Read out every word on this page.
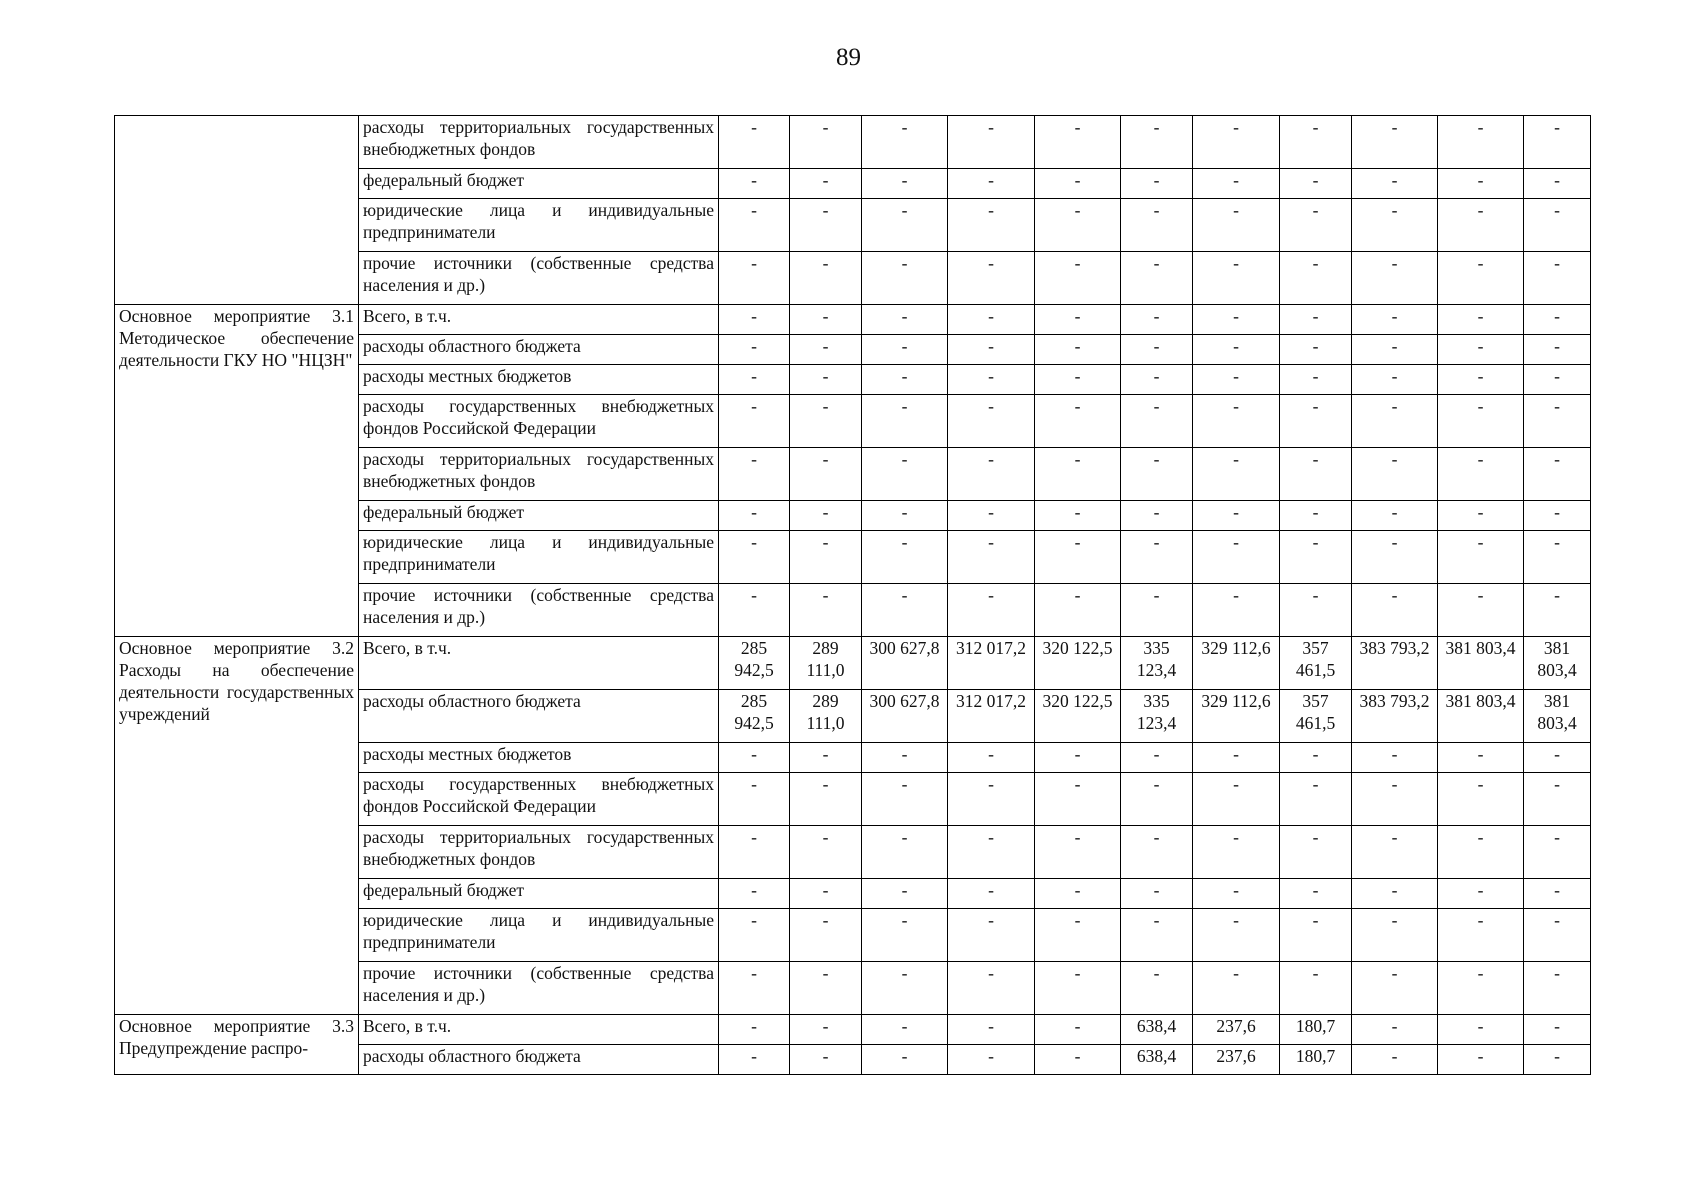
89
	расходы территориальных государственных внебюджетных фондов	-	-	-	-	-	-	-	-	-	-	-
	федеральный бюджет	-	-	-	-	-	-	-	-	-	-	-
	юридические лица и индивидуальные предприниматели	-	-	-	-	-	-	-	-	-	-	-
	прочие источники (собственные средства населения и др.)	-	-	-	-	-	-	-	-	-	-	-
Основное мероприятие 3.1 Методическое обеспечение деятельности ГКУ НО "НЦЗН"	Всего, в т.ч.	-	-	-	-	-	-	-	-	-	-	-
	расходы областного бюджета	-	-	-	-	-	-	-	-	-	-	-
	расходы местных бюджетов	-	-	-	-	-	-	-	-	-	-	-
	расходы государственных внебюджетных фондов Российской Федерации	-	-	-	-	-	-	-	-	-	-	-
	расходы территориальных государственных внебюджетных фондов	-	-	-	-	-	-	-	-	-	-	-
	федеральный бюджет	-	-	-	-	-	-	-	-	-	-	-
	юридические лица и индивидуальные предприниматели	-	-	-	-	-	-	-	-	-	-	-
	прочие источники (собственные средства населения и др.)	-	-	-	-	-	-	-	-	-	-	-
Основное мероприятие 3.2 Расходы на обеспечение деятельности государственных учреждений	Всего, в т.ч.	285 942,5	289 111,0	300 627,8	312 017,2	320 122,5	335 123,4	329 112,6	357 461,5	383 793,2	381 803,4	381 803,4
	расходы областного бюджета	285 942,5	289 111,0	300 627,8	312 017,2	320 122,5	335 123,4	329 112,6	357 461,5	383 793,2	381 803,4	381 803,4
	расходы местных бюджетов	-	-	-	-	-	-	-	-	-	-	-
	расходы государственных внебюджетных фондов Российской Федерации	-	-	-	-	-	-	-	-	-	-	-
	расходы территориальных государственных внебюджетных фондов	-	-	-	-	-	-	-	-	-	-	-
	федеральный бюджет	-	-	-	-	-	-	-	-	-	-	-
	юридические лица и индивидуальные предприниматели	-	-	-	-	-	-	-	-	-	-	-
	прочие источники (собственные средства населения и др.)	-	-	-	-	-	-	-	-	-	-	-
Основное мероприятие 3.3 Предупреждение распро-	Всего, в т.ч.	-	-	-	-	-	638,4	237,6	180,7	-	-	-
	расходы областного бюджета	-	-	-	-	-	638,4	237,6	180,7	-	-	-
